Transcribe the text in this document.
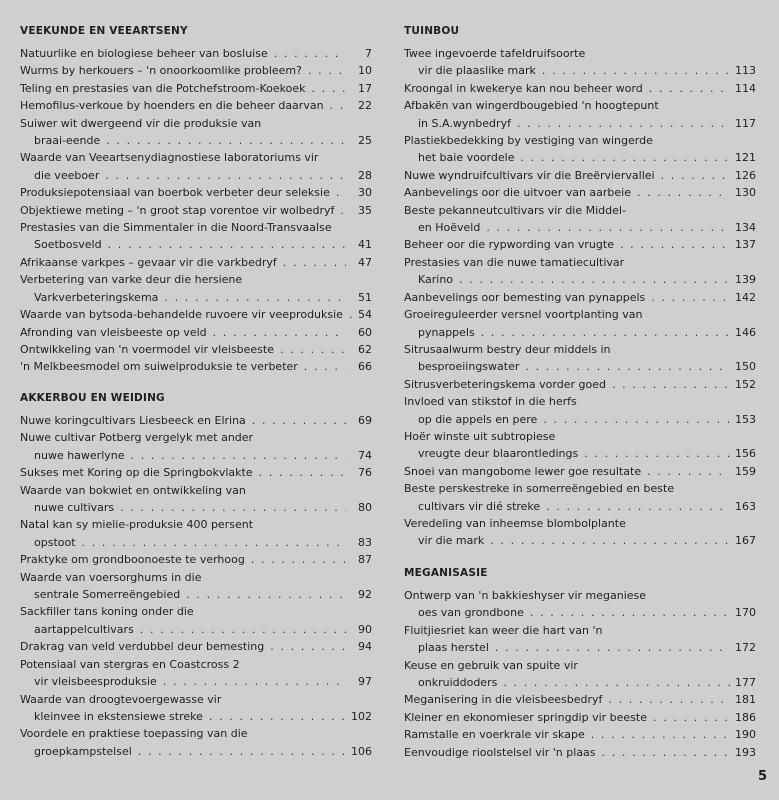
VEEKUNDE EN VEEARTSENY
Natuurlike en biologiese beheer van bosluise . . .	7
Wurms by herkouers – 'n onoorkoomlike probleem? . . .	10
Teling en prestasies van die Potchefstroom-Koekoek . . .	17
Hemofilus-verkoue by hoenders en die beheer daarvan . . .	22
Suiwer wit dwergeend vir die produksie van
braai-eende . . .	25
Waarde van Veeartsenydiagnostiese laboratoriums vir
die veeboer . . .	28
Produksiepotensiaal van boerbok verbeter deur seleksie . . .	30
Objektiewe meting – 'n groot stap vorentoe vir wolbedryf . . .	35
Prestasies van die Simmentaler in die Noord-Transvaalse
Soetbosveld . . .	41
Afrikaanse varkpes – gevaar vir die varkbedryf . . .	47
Verbetering van varke deur die hersiene
Varkverbeteringskema . . .	51
Waarde van bytsoda-behandelde ruvoere vir veeproduksie . . .	54
Afronding van vleisbeeste op veld . . .	60
Ontwikkeling van 'n voermodel vir vleisbeeste . . .	62
'n Melkbeesmodel om suiwelproduksie te verbeter . . .	66
AKKERBOU EN WEIDING
Nuwe koringcultivars Liesbeeck en Elrina . . .	69
Nuwe cultivar Potberg vergelyk met ander
nuwe hawerlyne . . .	74
Sukses met Koring op die Springbokvlakte . . .	76
Waarde van bokwiet en ontwikkeling van
nuwe cultivars . . .	80
Natal kan sy mielie-produksie 400 persent
opstoot . . .	83
Praktyke om grondboonoeste te verhoog . . .	87
Waarde van voersorghums in die
sentrale Somerreëngebied . . .	92
Sackfiller tans koning onder die
aartappelcultivars . . .	90
Drakrag van veld verdubbel deur bemesting . . .	94
Potensiaal van stergras en Coastcross 2
vir vleisbeesproduksie . . .	97
Waarde van droogtevoergewasse vir
kleinvee in ekstensiewe streke . . .	102
Voordele en praktiese toepassing van die
groepkampstelsel . . .	106
TUINBOU
Twee ingevoerde tafeldruifsoorte
vir die plaaslike mark . . .	113
Kroongal in kwekerye kan nou beheer word . . .	114
Afbakën van wingerdbougebied 'n hoogtepunt
in S.A.wynbedryf . . .	117
Plastiekbedekking by vestiging van wingerde
het baie voordele . . .	121
Nuwe wyndruifcultivars vir die Breërviervallei . . .	126
Aanbevelings oor die uitvoer van aarbeie . . .	130
Beste pekanneutcultivars vir die Middel-
en Hoëveld . . .	134
Beheer oor die rypwording van vrugte . . .	137
Prestasies van die nuwe tamatiecultivar
Karino . . .	139
Aanbevelings oor bemesting van pynappels . . .	142
Groeireguleerder versnel voortplanting van
pynappels . . .	146
Sitrusaalwurm bestry deur middels in
besproeiingswater . . .	150
Sitrusverbeteringskema vorder goed . . .	152
Invloed van stikstof in die herfs
op die appels en pere . . .	153
Hoër winste uit subtropiese
vreugte deur blaarontledings . . .	156
Snoei van mangobome lewer goe resultate . . .	159
Beste perskestreke in somerreëngebied en beste
cultivars vir dié streke . . .	163
Veredeling van inheemse blombolplante
vir die mark . . .	167
MEGANISASIE
Ontwerp van 'n bakkieshyser vir meganiese
oes van grondbone . . .	170
Fluitjiesriet kan weer die hart van 'n
plaas herstel . . .	172
Keuse en gebruik van spuite vir
onkruiddoders . . .	177
Meganisering in die vleisbeesbedryf . . .	181
Kleiner en ekonomieser springdip vir beeste . . .	186
Ramstalle en voerkrale vir skape . . .	190
Eenvoudige rioolstelsel vir 'n plaas . . .	193
5
